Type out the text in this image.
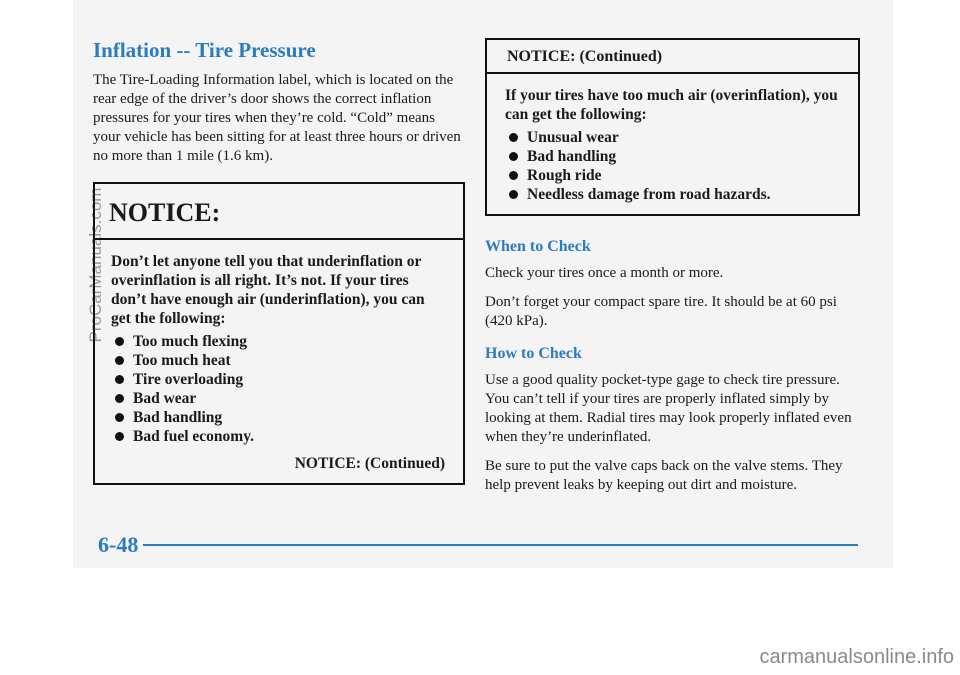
Inflation -- Tire Pressure

The Tire-Loading Information label, which is located on the rear edge of the driver’s door shows the correct inflation pressures for your tires when they’re cold. “Cold” means your vehicle has been sitting for at least three hours or driven no more than 1 mile (1.6 km).

NOTICE:

Don’t let anyone tell you that underinflation or overinflation is all right. It’s not. If your tires don’t have enough air (underinflation), you can get the following:

Too much flexing
Too much heat
Tire overloading
Bad wear
Bad handling
Bad fuel economy.
NOTICE: (Continued)
NOTICE: (Continued)

If your tires have too much air (overinflation), you can get the following:

Unusual wear
Bad handling
Rough ride
Needless damage from road hazards.
When to Check

Check your tires once a month or more.

Don’t forget your compact spare tire. It should be at 60 psi (420 kPa).

How to Check

Use a good quality pocket-type gage to check tire pressure. You can’t tell if your tires are properly inflated simply by looking at them. Radial tires may look properly inflated even when they’re underinflated.

Be sure to put the valve caps back on the valve stems. They help prevent leaks by keeping out dirt and moisture.

6-48
ProCarManuals.com
carmanualsonline.info
